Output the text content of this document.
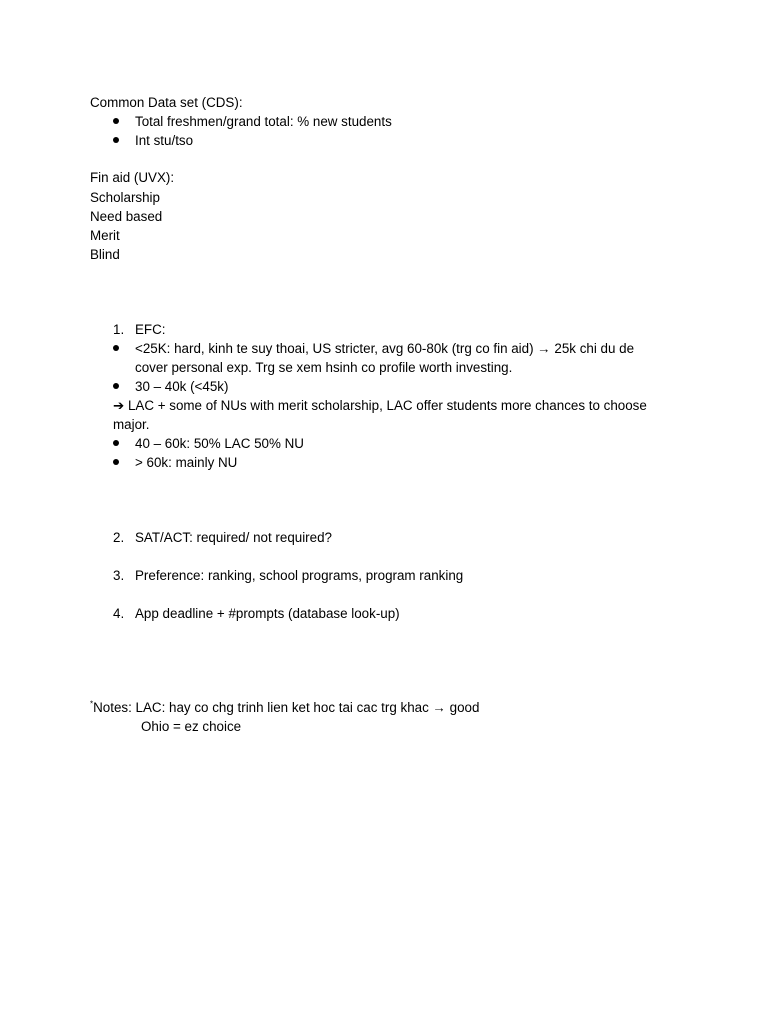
Common Data set (CDS):
Total freshmen/grand total: % new students
Int stu/tso
Fin aid (UVX):
Scholarship
Need based
Merit
Blind
1. EFC:
<25K: hard, kinh te suy thoai, US stricter, avg 60-80k (trg co fin aid) → 25k chi du de
cover personal exp. Trg se xem hsinh co profile worth investing.
30 – 40k (<45k)
➔ LAC + some of NUs with merit scholarship, LAC offer students more chances to choose
major.
40 – 60k: 50% LAC 50% NU
> 60k: mainly NU
2. SAT/ACT: required/ not required?
3. Preference: ranking, school programs, program ranking
4. App deadline + #prompts (database look-up)
*Notes: LAC: hay co chg trinh lien ket hoc tai cac trg khac → good
Ohio = ez choice
